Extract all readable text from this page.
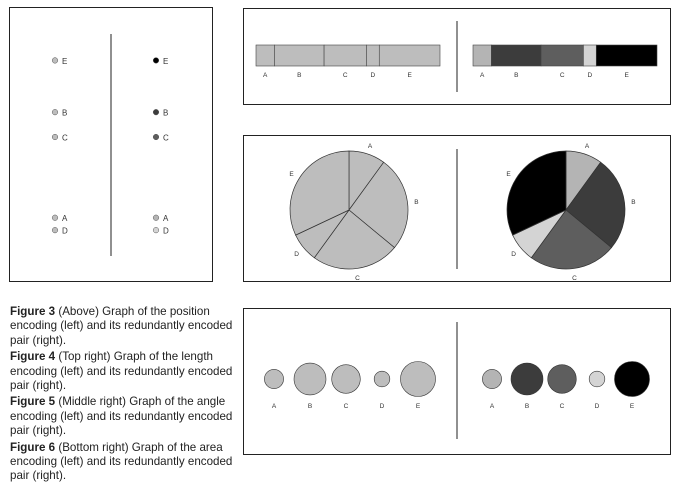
A
B
C
D
E
A
B
C
D
E
A	B	C	D	E	A	B	C	D	E
A
B
C
D
E
A
B
C
D
E
A	B	C	D	E	A	B	C	D	E

Figure 3 (Above) Graph of the position encoding (left) and its redundantly encoded pair (right).

Figure 4 (Top right) Graph of the length encoding (left) and its redundantly encoded pair (right).

Figure 5 (Middle right) Graph of the angle encoding (left) and its redundantly encoded pair (right).

Figure 6 (Bottom right) Graph of the area encoding (left) and its redundantly encoded pair (right).
